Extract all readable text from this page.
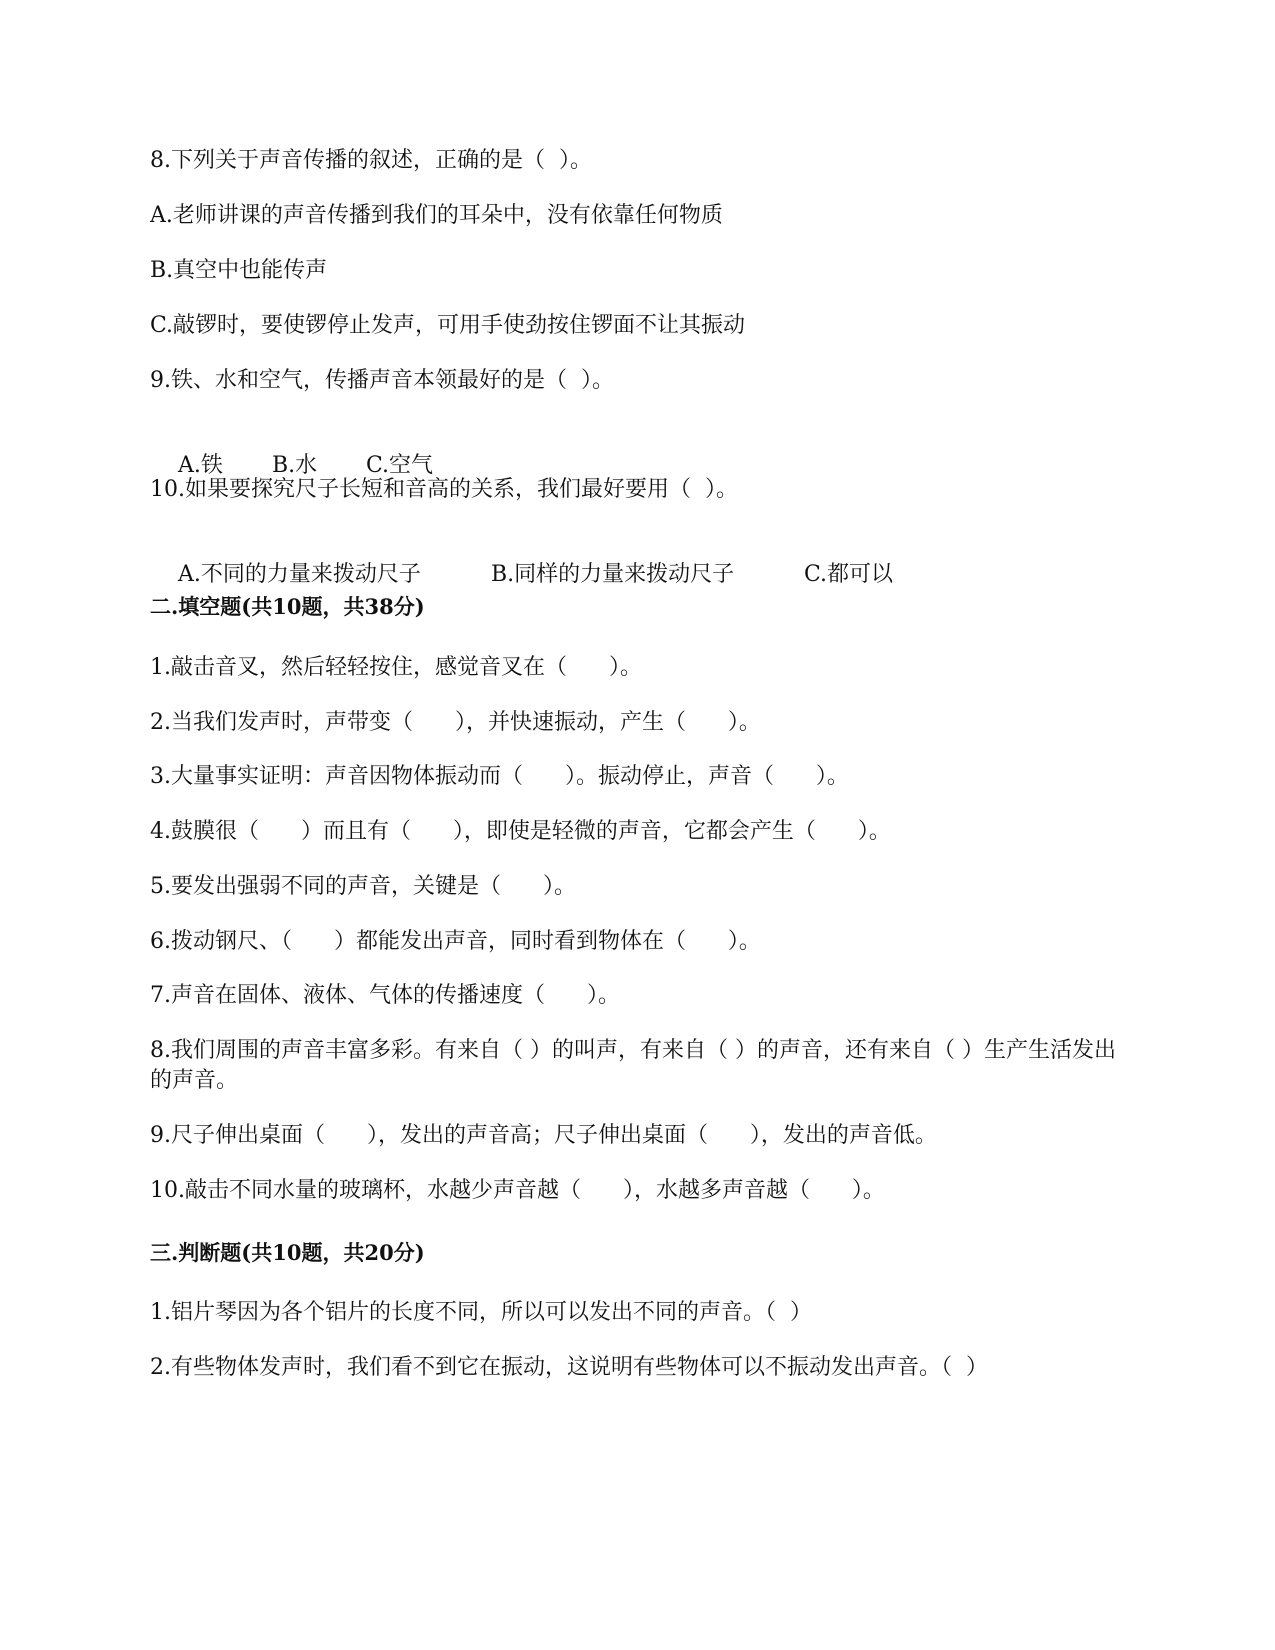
8.下列关于声音传播的叙述，正确的是（  ）。
A.老师讲课的声音传播到我们的耳朵中，没有依靠任何物质
B.真空中也能传声
C.敲锣时，要使锣停止发声，可用手使劲按住锣面不让其振动
9.铁、水和空气，传播声音本领最好的是（  ）。

A.铁 B.水 C.空气

10.如果要探究尺子长短和音高的关系，我们最好要用（  ）。

A.不同的力量来拨动尺子	B.同样的力量来拨动尺子	C.都可以

二.填空题(共10题，共38分)
1.敲击音叉，然后轻轻按住，感觉音叉在（      ）。
2.当我们发声时，声带变（      ），并快速振动，产生（      ）。
3.大量事实证明：声音因物体振动而（      ）。振动停止，声音（      ）。
4.鼓膜很（      ）而且有（      ），即使是轻微的声音，它都会产生（      ）。
5.要发出强弱不同的声音，关键是（      ）。
6.拨动钢尺、（      ）都能发出声音，同时看到物体在（      ）。
7.声音在固体、液体、气体的传播速度（      ）。
8.我们周围的声音丰富多彩。有来自（ ）的叫声，有来自（ ）的声音，还有来自（ ）生产生活发出的声音。
9.尺子伸出桌面（      ），发出的声音高；尺子伸出桌面（      ），发出的声音低。
10.敲击不同水量的玻璃杯，水越少声音越（      ），水越多声音越（      ）。
三.判断题(共10题，共20分)
1.铝片琴因为各个铝片的长度不同，所以可以发出不同的声音。（  ）
2.有些物体发声时，我们看不到它在振动，这说明有些物体可以不振动发出声音。（  ）
